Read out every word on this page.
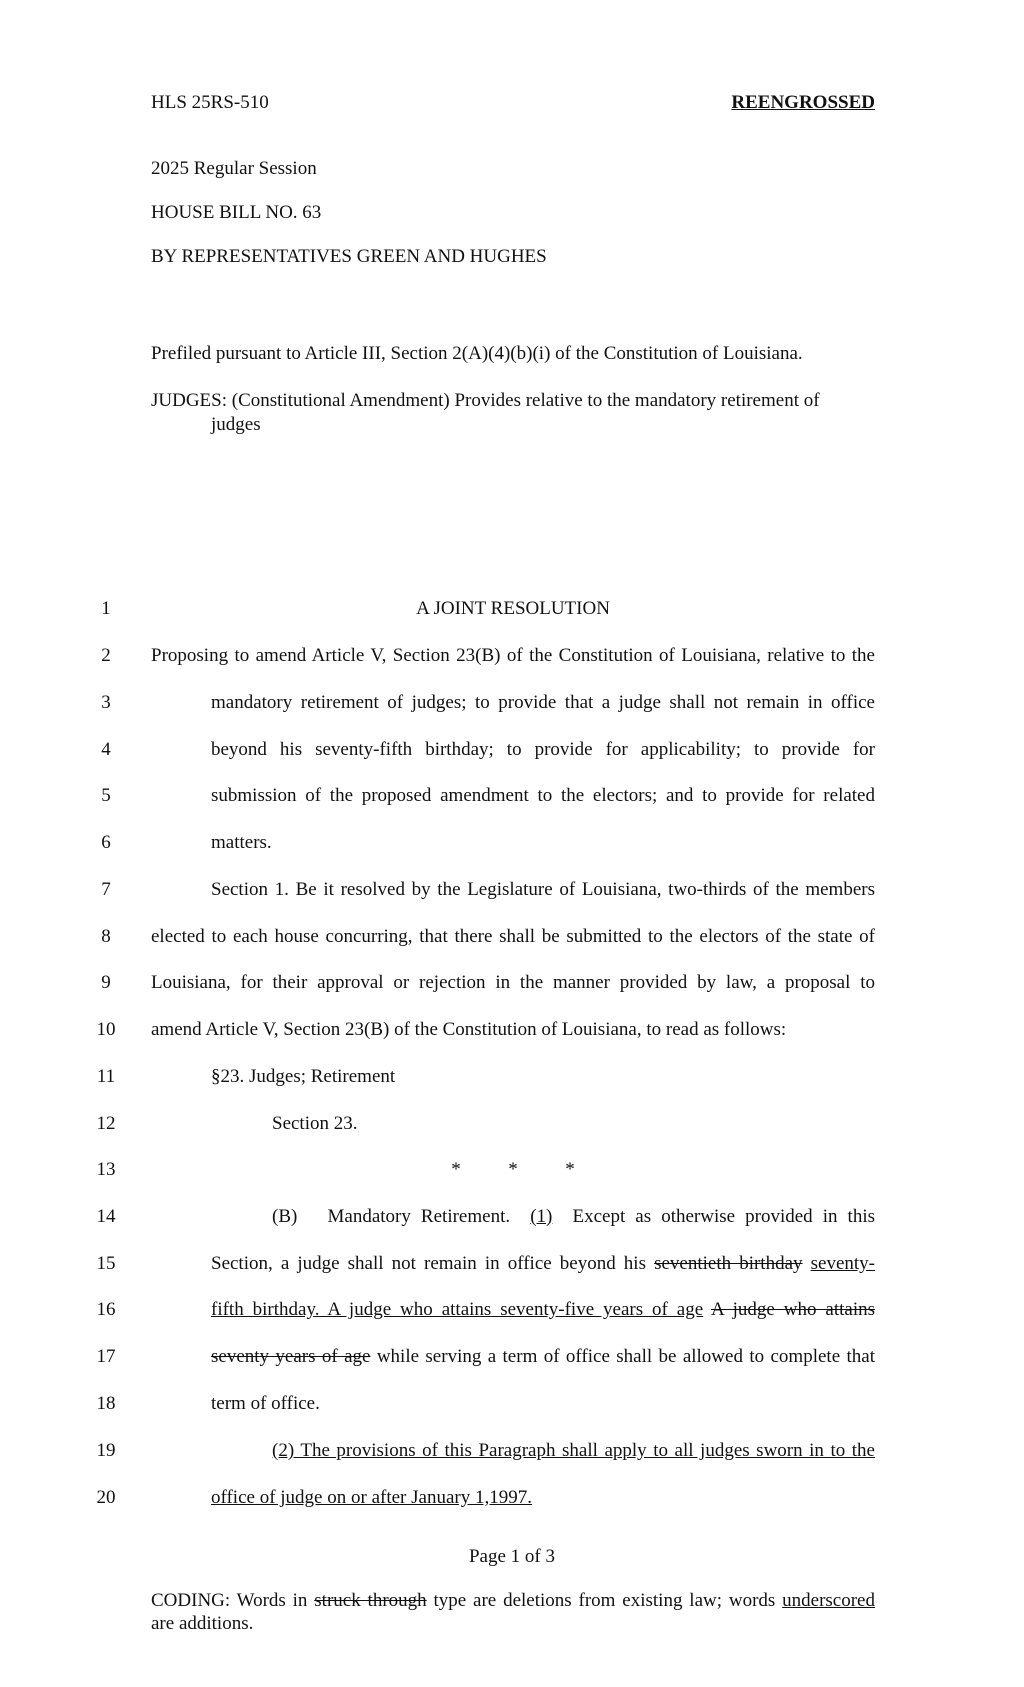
HLS 25RS-510	REENGROSSED
2025 Regular Session
HOUSE BILL NO. 63
BY REPRESENTATIVES GREEN AND HUGHES
Prefiled pursuant to Article III, Section 2(A)(4)(b)(i) of the Constitution of Louisiana.
JUDGES: (Constitutional Amendment) Provides relative to the mandatory retirement of
judges
1	A JOINT RESOLUTION
2	Proposing to amend Article V, Section 23(B) of the Constitution of Louisiana, relative to the
3	mandatory retirement of judges; to provide that a judge shall not remain in office
4	beyond his seventy-fifth birthday; to provide for applicability; to provide for
5	submission of the proposed amendment to the electors; and to provide for related
6	matters.
7	Section 1. Be it resolved by the Legislature of Louisiana, two-thirds of the members
8	elected to each house concurring, that there shall be submitted to the electors of the state of
9	Louisiana, for their approval or rejection in the manner provided by law, a proposal to
10	amend Article V, Section 23(B) of the Constitution of Louisiana, to read as follows:
11	§23. Judges; Retirement
12	Section 23.
13	*          *          *
14	(B)   Mandatory Retirement.  (1)  Except as otherwise provided in this
15	Section, a judge shall not remain in office beyond his seventieth birthday seventy-
16	fifth birthday. A judge who attains seventy-five years of age A judge who attains
17	seventy years of age while serving a term of office shall be allowed to complete that
18	term of office.
19	(2) The provisions of this Paragraph shall apply to all judges sworn in to the
20	office of judge on or after January 1,1997.
Page 1 of 3
CODING: Words in struck through type are deletions from existing law; words underscored
are additions.
